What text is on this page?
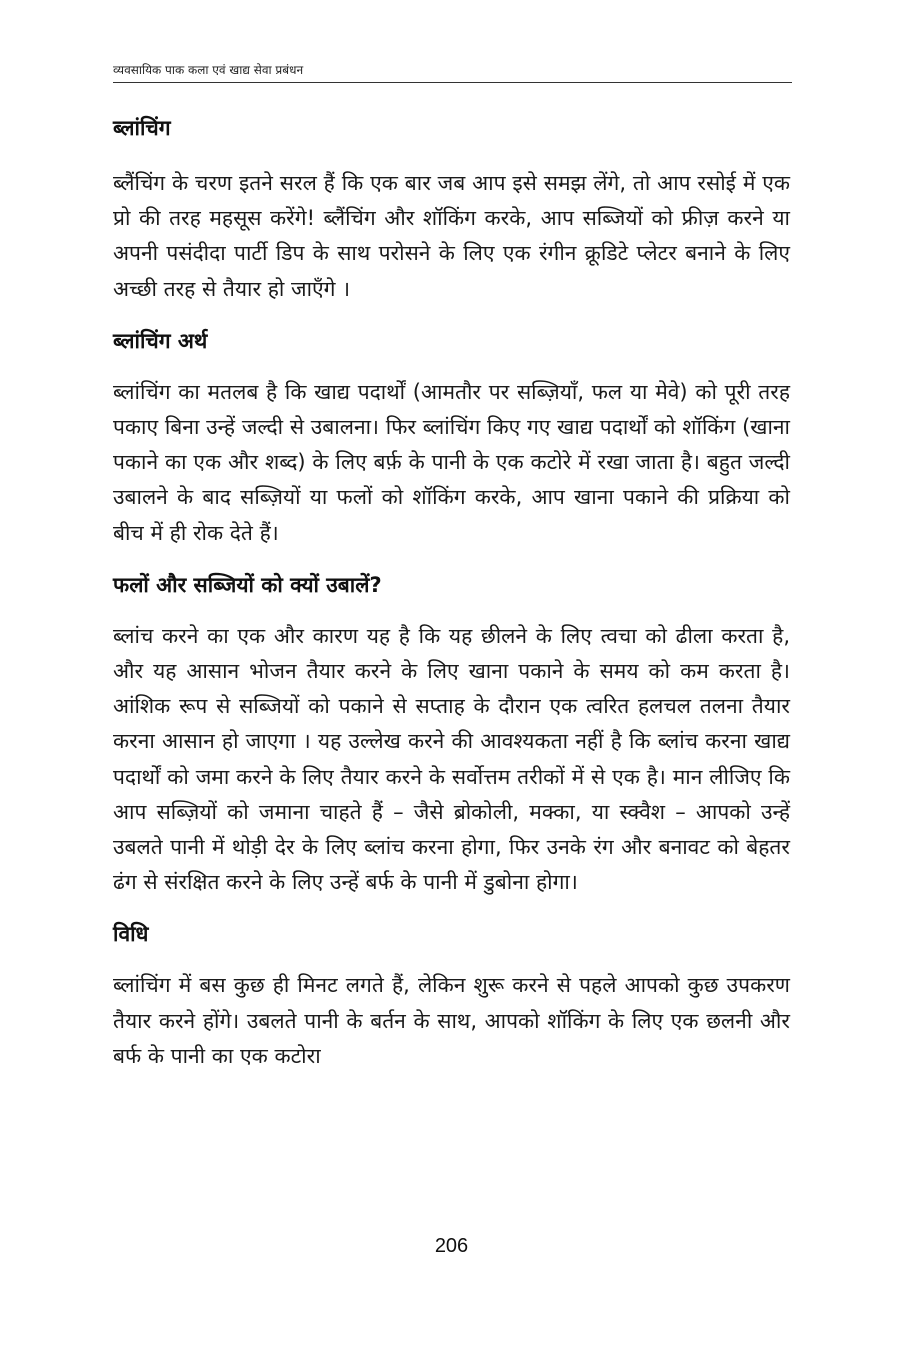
व्यवसायिक पाक कला एवं खाद्य सेवा प्रबंधन
ब्लांचिंग

ब्लैंचिंग के चरण इतने सरल हैं कि एक बार जब आप इसे समझ लेंगे, तो आप रसोई में एक प्रो की तरह महसूस करेंगे! ब्लैंचिंग और शॉकिंग करके, आप सब्जियों को फ्रीज़ करने या अपनी पसंदीदा पार्टी डिप के साथ परोसने के लिए एक रंगीन क्रूडिटे प्लेटर बनाने के लिए अच्छी तरह से तैयार हो जाएँगे ।

ब्लांचिंग अर्थ

ब्लांचिंग का मतलब है कि खाद्य पदार्थों (आमतौर पर सब्ज़ियाँ, फल या मेवे) को पूरी तरह पकाए बिना उन्हें जल्दी से उबालना। फिर ब्लांचिंग किए गए खाद्य पदार्थों को शॉकिंग (खाना पकाने का एक और शब्द) के लिए बर्फ़ के पानी के एक कटोरे में रखा जाता है। बहुत जल्दी उबालने के बाद सब्ज़ियों या फलों को शॉकिंग करके, आप खाना पकाने की प्रक्रिया को बीच में ही रोक देते हैं।

फलों और सब्जियों को क्यों उबालें?

ब्लांच करने का एक और कारण यह है कि यह छीलने के लिए त्वचा को ढीला करता है, और यह आसान भोजन तैयार करने के लिए खाना पकाने के समय को कम करता है। आंशिक रूप से सब्जियों को पकाने से सप्ताह के दौरान एक त्वरित हलचल तलना तैयार करना आसान हो जाएगा । यह उल्लेख करने की आवश्यकता नहीं है कि ब्लांच करना खाद्य पदार्थों को जमा करने के लिए तैयार करने के सर्वोत्तम तरीकों में से एक है। मान लीजिए कि आप सब्ज़ियों को जमाना चाहते हैं – जैसे ब्रोकोली, मक्का, या स्क्वैश – आपको उन्हें उबलते पानी में थोड़ी देर के लिए ब्लांच करना होगा, फिर उनके रंग और बनावट को बेहतर ढंग से संरक्षित करने के लिए उन्हें बर्फ के पानी में डुबोना होगा।

विधि

ब्लांचिंग में बस कुछ ही मिनट लगते हैं, लेकिन शुरू करने से पहले आपको कुछ उपकरण तैयार करने होंगे। उबलते पानी के बर्तन के साथ, आपको शॉकिंग के लिए एक छलनी और बर्फ के पानी का एक कटोरा

206
